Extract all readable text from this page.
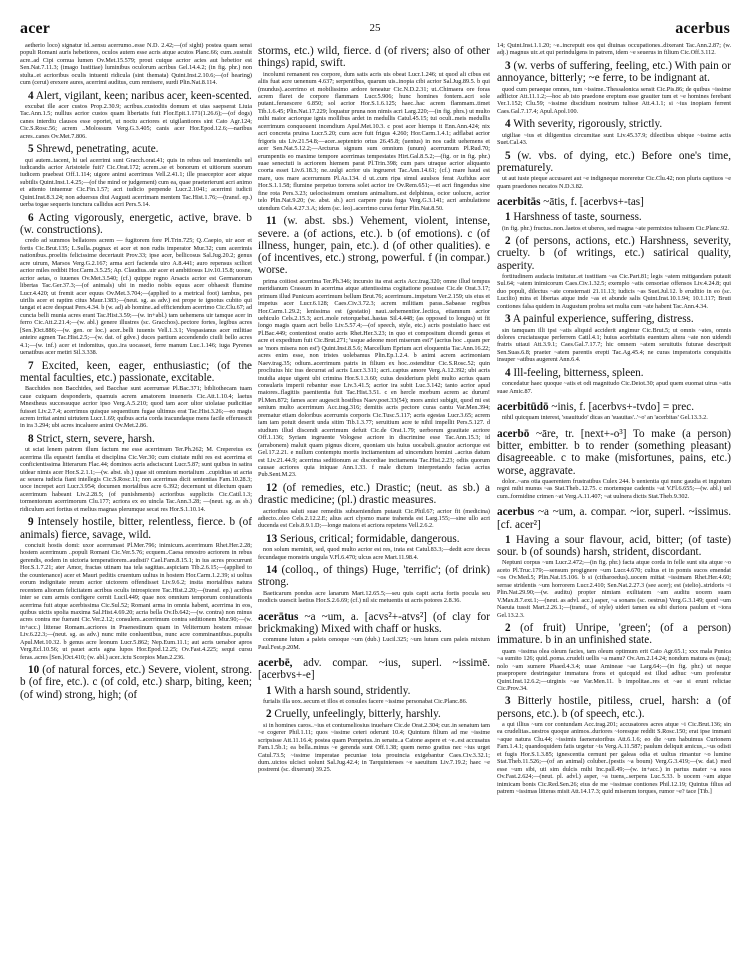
acer	25	acerbus

aetherio loco) signatur id..sensu acerrumo..esse N.D. 2.42;—(of sight) postea quam sensi populi Romani auris hebetiores, oculos autem esse acris atque acutos Planc.66; cum..sustulit acre..ad Cipi cornua lumen Ov.Met.15.579; prout cuique acrior acies aut hebetior est Sen.Nat.7.11.3; (imago Iustitiae) luminibus oculorum acribus Gel.14.4.2; (in fig. phr.) non stulta..et acrioribus oculis intuenti ridicula (sint themata) Quint.Inst.2.10.6;—(of hearing) cum (cerui) erexere aures, acerrimi auditus, cum remisere, surdi Plin.Nat.8.114.

4 Alert, vigilant, keen; naribus acer, keen-scented.

excubat ille acer custos Prop.2.30.9; acribus..custodiis domum et uias saepserat Liuia Tac.Ann.1.5; nullius acrior custos quam libertatis fuit Flor.Epit.1.171(1.26.6);—(of dogs) canes interdiu clausos esse oportet, ut noctu acriores et uigilantiores sint Cato Agr.124; Cic.S.Rosc.56; acrem ..Molossum Verg.G.3.405; canis acer Hor.Epod.12.6;—naribus acres..canes Ov.Met.7.806.

5 Shrewd, penetrating, acute.

qui autem..tacent, hi uel acerrimi sunt Gracch.orat.41; quis in rebus uel inueniendis uel iudicandis acrior Aristotele fuit? Cic.Orat.172; acrem..se et bonorum et uitiorum suorum iudicem praebeat Off.1.114; uigore animi acerrimus Vell.2.41.1; ille praeceptor acer atque subtilis Quint.Inst.1.4.25;—(of the mind or judgement) cum ea, quae praeterierunt acri animo et attento intuemur Cic.Fin.1.57; acri iudicio perpende Lucr.2.1041; acerrimi iudicii Quint.Inst.8.3.24; non aduersus diui Augusti acerrimam mentem Tac.Hist.1.76;—(transf. ep.) uerba togae sequeris iunctura callidus acri Pers.5.14.

6 Acting vigorously, energetic, active, brave. b (w. constructions).

credo ad summos bellatores acrem — fugitorem fore Pl.Trin.725; Q..Caepio, uir acer et fortis Cic.Brut.135; L.Sulla..pugnax et acer et non rudis imperator Mur.32; cum acerrimis nationibus..proeliis felicissime decertauit Prov.33; ipse acer, bellicosus Sal.Jug.20.2; genus acre uirum, Marsos Verg.G.2.167; arma acri facienda uiro A.8.441; auro repensus scilicet acrior miles redibit Hor.Carm.3.5.25; Ap. Claudius..uir acer et ambitiosus Liv.10.15.8; uosne, acrior aetas, o iuuenes Ov.Met.3.540; (cf.) quippe regno Arsacis acrior est Germanorum libertas Tac.Ger.37.3;—(of animals) ubi in medio nobis equus acer obhaesit flumine Lucr.4.420; ut fremit acer equus Ov.Met.3.704;—(applied to a metrical foot) iambus, pes uirilis acer et raptim citus Maur.1383;—(neut. sg. as adv.) est prope te ignotus cubito qui tangat et acre despuat Pers.4.34. b (w. ad) ab homine..ad efficiendum acerrimo Cic.Clu.67; ad cuncta belli munia acres erant Tac.Hist.3.59;—(w. in+abl.) tam uehemens uir tamque acer in ferro Cic.Att.2.21.4;—(w. abl.) genere illustres (sc. Gracchos)..pectore fortes, legibus acres [Sen.]Oct.886;—(w. gen. or loc.) acer..belli iuuenis Vell.1.3.1; Vespasianus acer militiae anteire agmen Tac.Hist.2.5;—(w. dat. of gdve.) duces partium accendendo ciuili bello acres 4.1;—(w. inf.) acer et indomitus, quo..ira uocasset, ferre manum Luc.1.146; iuga Pyrenes uenatibus acer metiri Sil.3.338.

7 Excited, keen, eager, enthusiastic; (of the mental faculties, etc.) passionate, excitable.

Bacchides non Bacchides, sed Bacchae sunt acerrumae Pl.Bac.371; bibliothecam tuam caue cuiquam desponderis, quamuis acrem amatorem inueneris Cic.Att.1.10.4; laetus Mnestheus successuque acrior ipso Verg.A.5.210; quod tam acer ultor uiolatae pudicitiae fuisset Liv.2.7.4; acerrimus quisque sequentium fugae ultimus erat Tac.Hist.3.26;—eo magis acrem irritat animi uirtutem Lucr.1.69; quibus acria corda iracundaque mens facile efferuescit in ira 3.294; ubi acres incaluere animi Ov.Met.2.86.

8 Strict, stern, severe, harsh.

ut sciat lenem patrem illum factum me esse acerrimum Ter.Ph.262; M. Crepereius ex acerrima illa equestri familia et disciplina Cic.Ver.30; cum ciuitate mihi res est acerrima et conficientissima litterarum Flac.44; dominos acris adsciscunt Lucr.5.87; sunt quibus in satira uidear nimis acer Hor.S.2.1.1;—(w. abst. sb.) quae sit omnium mortalium ..cupiditas ut acria ac seuera iudicia fiant intellegis Cic.S.Rosc.11; non acerrimas dicit sententias Fam.10.28.3; uoce increpet acri Lucr.3.954; documen mortalibus acre 6.392; decernunt ut dilectum quam acerrimum habeant Liv.2.28.5; (of punishments) acrioribus suppliciis Cic.Catil.1.3; tormentorum acerrimorum Clu.177; acriora ex eo uincla Tac.Ann.3.28; —(neut. sg. as sb.) ridiculum acri fortius et melius magnas plerumque secat res Hor.S.1.10.14.

9 Intensely hostile, bitter, relentless, fierce. b (of animals) fierce, savage, wild.

conciuit hostis domi: uxor acerrumast Pl.Mer.796; inimicum..acerrimum Rhet.Her.2.28; hostem acerrimum ..populi Romani Cic.Ver.5.76; ecquem..Caesa renostro acriorem in rebus gerendis, eodem in uictoria temperatiorem..audisti? Cael.Fam.8.15.1; in ius acres procurrunt Hor.S.1.7.21; ater Amor, fractas utinam tua tela sagittas..aspiciam Tib.2.6.15;—(applied to the countenance) acer et Mauri peditis cruentum uultus in hostem Hor.Carm.1.2.39; si uoltus eorum indignitate rerum acrior uictorem offendisset Liv.9.6.2; insita mortalibus natura recentem aliorum felicitatem acribus oculis introspicere Tac.Hist.2.20;—(transf. ep.) acribus inter se cum armis configere cernit Lucil.449; quae nox omnium temporum coniurationis acerrima fuit atque acerbissima Cic.Sul.52; Romani arma in omnia habent, acerrima in eos, quibus uictis spolia maxima Sal.Hist.4.69.20; acria bella Ov.Ib.642;—(w. contra) non minus acres contra me fuerant Cic.Ver.2.12; consulem..acerrimum contra seditionem Mur.90;—(w. in+acc.) litterae Romam..acriores in Praenestinum quam in Veliternum hostem missae Liv.6.22.3;—(neut. sg. as adv.) nunc mite conluentibus, nunc acre comminantibus..pupulis Apul.Met.10.32. b genus acre leonum Lucr.5.862; Nep.Eum.11.1; aut acris uenabor apros Verg.Ecl.10.56; ut pauet acris agna lupos Hor.Epod.12.25; Ov.Fast.4.225; sequi cursu feras..acres [Sen.]Oct.410; (w. abl.) acer..ictu Scorpios Man.2.236.

10 (of natural forces, etc.) Severe, violent, strong. b (of fire, etc.). c (of cold, etc.) sharp, biting, keen; (of wind) strong, high; (of

storms, etc.) wild, fierce. d (of rivers; also of other things) rapid, swift.

incolumi remanent res corpore, dum satis acris uis obeat Lucr.1.246; ut quod ali cibus est aliis fuat acre uenenum 4.637; serpentibus, quarum uis..inopia cibi acrior Sal.Jug.89.5. b qui (mundus)..acerrimo et mobilissimo ardore teneatur Cic.N.D.2.31; ut..Chimaera ore foras acrem flaret de corpore flammam Lucr.5.906; hunc homines fontem..acri sole putant..feruescere 6.850; sol acrior Hor.S.1.6.125; haec..hac acrem flammam..timet Tib.1.6.45; Plin.Nat.17.229; loquatur pruna non nimis acri Larg.220;—(in fig. phrs.) ut multo mihi maior acriorque ignis mollibus ardet in medullis Catul.45.15; tui oculi..meis medullis acerrimum conquouent incendium Apul.Met.10.3. c post acer hiemps it Enn.Ann.424; nix acri concreta pruina Lucr.5.20; cum acre fuit frigus 4.260; Hor.Carm.1.4.1; adflabat acrior frigoris uis Liv.21.54.8;—acer..septentrio ortus 26.45.8; (uentus) in nos cadit uehemens et acer Sen.Nat.5.12.2;—Arcturus signum sum omnium (unum) acerrumum Pl.Rud.70; erumpentis eo maxime tempore acerrimas tempestates Hirt.Gal.8.5.2;—(fig. or in fig. phr.) suae senectuti is acriorem hiemem parat Pl.Trin.398; cum pars utraque acrior aliquanto coorta esset Liv.6.18.3; ne..uulgi acrior uis ingrueret Tac.Ann.14.61; (cf.) mare haud est mare, uos mare acerrumum Pl.As.134. d ut..cum ripa simul auulsos ferat Aufidus acer Hor.S.1.1.58; flumine perpetuo torrens solet acrior ire Ov.Rem.651;—et acri fingendus sine fine rota Pers.3.23; uelocissimum omnium animalium..est delphinus, ocior uolucre, acrior telo Plin.Nat.9.20; (w. abst. sb.) acri carpere prata fuga Verg.G.3.141; acri ambulatione utendum Cels.4.27.3.A; idem (sc. leo)..acerrimo cursu fertur Plin.Nat.8.50.

11 (w. abst. sbs.) Vehement, violent, intense, severe. a (of actions, etc.). b (of emotions). c (of illness, hunger, pain, etc.). d (of other qualities). e (of incentives, etc.) strong, powerful. f (in compar.) worse.

prima coitiost acerrima Ter.Ph.346; incursio ita erat acris Acc.trag.320; omne illud tempus meridianum Crassum in acerrima atque attentissima cogitatione posuisse Cic.de Orat.3.17; primum illud Punicum acerrimum bellum Brut.76; acerrimum..impetum Ver.2.159; uis eius et impetus acer Lucr.6.128; Caes.Civ.3.72.3; acrem militiam paras..Sabaeae regibus Hor.Carm.1.29.2; lenissima est (gestatio) naui..uehementior..lectica, etiamnum acrior uehiculo Cels.2.15.3; acri..mole retorquebat..hastas Sil.4.448; (as opposed to longus) ut fit longo magis quam acri bello Liv.5.57.4;—(of speech, style, etc.) acris postulatio haec est Pl.Bac.449; contentiost oratio acris Rhet.Her.3.23; in quo et compositum dicendi genus et acre et expeditum fuit Cic.Brut.271; 'usque adeone mori miserum est?' (acrius hoc ..quam per se 'mors misera non est') Quint.Inst.8.5.6; Marcellum Eprium acri eloquentia Tac.Ann.16.22; acres enim esse, non tristes uolebamus Plin.Ep.1.2.4. b animi acrem acrimoniam Naev.trag.35; odium..acerrimum patris in filium ex hoc..ostenditur Cic.S.Rosc.52; quin procliuius hic iras decurrat ad acris Lucr.3.311; acri..captus amore Verg.A.12.392; ubi acris inuidia atque uigent ubi crimina Hor.S.1.3.60; cuius desiderium plebi multo acrius quam consularis imperii rebantur esse Liv.3.41.5; acrior ira subit Luc.3.142; tanto acrior apud maiores..flagitiis paenitentia fuit Tac.Hist.3.51. c en hercle morbum acrem ac durum! Pl.Men.872; fames acer augescit hostibus Naev.poet.33(54); mors amici subigit, quod mi est senium multo acerrimum Acc.trag.316; demitis acris pectore curas cantu Var.Men.394; prematur etiam doloribus acerrumis corporis Cic.Tusc.5.117; acris egestas Lucr.3.65; acrem iam iam potuit deserit unda sitim Tib.1.3.77; seruitium acre te nihil impellit Pers.5.127. d studium illud discendi acerrimum defuit Cic.de Orat.1.79; uerborum grauitate acriore Off.1.136; Syriam ingruente Vologese acriore in discrimine esse Tac.Ann.15.3; id (arrabonem) maluit quam pignus dicere, quoniam uis huius uocabuli..grauior acriorque est Gel.17.2.21. e nullum contemptu mortis incitamentum ad uincendum homini ..acrius datum est Liv.21.44.9; acerrima seditionum ac discordiae incitamenta Tac.Hist.2.23; odiis quorum causae acriores quia iniquae Ann.1.33. f male dictum interpretando facias acrius Pub.Sent.M.23.

12 (of remedies, etc.) Drastic; (neut. as sb.) a drastic medicine; (pl.) drastic measures.

acrioribus saluti suae remediis subueniendum putauit Cic.Phil.67; acrior fit (medicina) adiecto..oleo Cels.2.12.2.E; alius acri clysmo mane trahenda est Larg.155;—sine ullo acri ducenda est Cels.8.9.1.D;—longe maiora et acriora repetens Vell.2.6.2.

13 Serious, critical; formidable, dangerous.

non solum meminit, sed, quod multo acrior est res, irata est Catul.83.3;—dedit acre decus fecundaque monstris ungula V.Fl.6.470; ulcus acre Mart.11.98.4.

14 (colloq., of things) Huge, 'terrific'; (of drink) strong.

Baeticarum pondus acre lanarum Mart.12.65.5;—seu quis capit acria fortis pocula seu modicis uuescit laetius Hor.S.2.6.69; (cf.) nil sic metuentis ut acris potores 2.8.36.

acerātus ~a ~um, a. [acvs²+-atvs²] (of clay for brickmaking) Mixed with chaff or husks.

commune lutum a paleis cenoque ~um (dub.) Lucil.325; ~um lutum cum paleis mixtum Paul.Fest.p.20M.

acerbē, adv. compar. ~ius, superl. ~issimē. [acerbvs+-e]

1 With a harsh sound, stridently.

furialis illa uox..secum et illos et consules facere ~issime personabat Cic.Planc.86.

2 Cruelly, unfeelingly, bitterly, harshly.

si in homines caros..~ius et contumeliosius inuehare Cic.de Orat.2.304; cur..in senatum tam ~e cogerer Phil.1.11; quos ~issime ceteri oderunt 10.4; Quintum filium ad me ~issime scripsisse Att.11.16.4; postea quam Pompeius..in senatu..a Catone aspere et ~e..est accusatus Fam.1.5b.1; ea bella..minus ~e gerenda sunt Off.1.38; quem nemo gratius nec ~ius urget Catul.73.5; ~issime imperatae pecuniae tota prouincia exigebantur Caes.Civ.3.32.1; dum..uictos ulcisci uolunt Sal.Jug.42.4; in Tarquinienses ~e saeuitum Liv.7.19.2; haec ~e postremi (sc. dixerunt) 39.25.

14; Quint.Inst.1.1.20; ~e..increpuit eos qui diuinas occupationes..dixerant Tac.Ann.2.87; (w. adj.) magnus uir..et qui perindulgens in patrem, idem ~e seuerus in filium Cic.Off.3.112.

3 (w. verbs of suffering, feeling, etc.) With pain or annoyance, bitterly; ~e ferre, to be indignant at.

quod cum peraeque omnes, tum ~issime..Thessalonica sensit Cic.Pis.86; de quibus ~issime adflictor Att.11.1.2;—hoc ab isto praedone ereptum esse grauiter tum et ~e homines ferebant Ver.1.152; Clu.59; ~issime discidium nostrum tulisse Att.4.1.1; si ~ius inopiam ferrent Caes.Gal.7.17.4; Apul.Apol.100.

4 With severity, rigorously, strictly.

uigiliae ~ius et diligentius circumitae sunt Liv.45.37.9; dilectibus ubique ~issime actis Suet.Cal.43.

5 (w. vbs. of dying, etc.) Before one's time, prematurely.

ut aut iuste pieque accusaret aut ~e indigneque moreretur Cic.Clu.42; non pluris captiuos ~e quam praedones necatos N.D.3.82.

acerbitās ~ātis, f. [acerbvs+-tas]

1 Harshness of taste, sourness.

(in fig. phr.) fructus..non..laetos et uberes, sed magna ~ate permixtos tulissem Cic.Planc.92.

2 (of persons, actions, etc.) Harshness, severity, cruelty. b (of writings, etc.) satirical quality, asperity.

fortitudinem audacia imitatur..et iustitiam ~as Cic.Part.81; legis ~atem mitigandam putauit Sul.64; ~atem inimicorum Caes.Civ.1.32.5; exemplo ~atis censoriae offensos Liv.4.24.8; qui duo populi, dilectus ~ate consternati 21.11.13; iudicis ~as Suet.Jul.12. b eruditio in eo (sc. Lucilio) mira et libertas atque inde ~as et abunde salis Quint.Inst.10.1.94; 10.1.117; Bruti contiones falsa quidem in Augustum probra set multa cum ~ate habent Tac.Ann.4.34.

3 A painful experience, suffering, distress.

sin tamquam illi ipsi ~atis aliquid acciderit angimur Cic.Brut.5; ut omnis ~ates, omnis dolores cruciatusque perferrem Catil.4.1; huius acerbitatis euentum altera ~ate non uidendi fratris uitaui Att.3.9.1; Caes.Gal.7.17.7; hic omnem ~atem seruitutis futurae descripsit Sen.Suas.6.8; praeter ~atem parentis erepti Tac.Ag.45.4; ne curas imperatoris conquisitis insuper ~atibus augerent Ann.6.4.

4 Ill-feeling, bitterness, spleen.

concedatur haec quoque ~atis et odi magnitudo Cic.Deiot.30; apud quem euomat uirus ~atis suae Amic.87.

acerbitūdō ~inis, f. [acerbvs+-tvdo] = prec.

nihil quicquam interest, 'suauitudo' dicas an 'suauitas'..'~o' an 'acerbitas' Gel.13.3.2.

acerbō ~āre, tr. [next+-o³] To make (a person) bitter, embitter. b to render (something pleasant) disagreeable. c to make (misfortunes, pains, etc.) worse, aggravate.

dolor..~ans otia quaerentem frustratibus Culex 244. b uenientia qui nunc gaudia et ingratum regni mihi munus ~as Stat.Theb..12.75. c mortemque cadentis ~at V.Fl.6.655;—(w. abl.) uel cum..formidine crimen ~at Verg.A.11.407; ~at uulnera dictis Stat.Theb.9.302.

acerbus ~a ~um, a. compar. ~ior, superl. ~issimus. [cf. acer²]

1 Having a sour flavour, acid, bitter; (of taste) sour. b (of sounds) harsh, strident, discordant.

Neptuni corpus ~um Lucr.2.472;—(in fig. phr.) facta atque corda in felle sunt sita atque ~o aceto Pl.Truc.179;—sensum progignere ~um Lucr.4.670; cultus et in pomis sucos emendat ~os Ov.Med.5; Plin.Nat.15.106. b si (citharoedus)..uocem mittat ~issimam Rhet.Her.4.60; serrae stridentis ~um horrorem Lucr.2.410; Sen.Nat.2.27.3 (see acer); est (stelio)..stridoris ~i Plin.Nat.29.90;—(w. auditu) propter nimiam exilitatem ~am auditu uocem suam V.Max.8.7.ext.1;—(neut. as advl. acc.) asper, ~a sonans (sc. oestrus) Verg.G.3.149; quod ~um Naeuia tussit Mart.2.26.1;—(transf., of style) uideri tamen ea sibi duriora paulum et ~iora Gel.13.2.3.

2 (of fruit) Unripe, 'green'; (of a person) immature. b in an unfinished state.

quam ~issima olea oleum facies, tam oleum optimum erit Cato Agr.65.1; xxx mala Punica ~a sumito 126; quid..poma..crudeli uellis ~a manu? Ov.Am.2.14.24; nondum matura es (uua); nolo ~am sumere Phaed.4.3.4; uuae Amineae ~ae Larg.64;—(in fig. phr.) ut neque praepropere destringatur immatura frons et quicquid est illud adhuc ~um proferatur Quint.Inst.12.6.2;—uirginis ~ae Var.Men.11. b impolitae..res et ~ae si erunt relictae Cic.Prov.34.

3 Bitterly hostile, pitiless, cruel, harsh: a (of persons, etc.). b (of speech, etc.).

a qui illius ~um cor contundam Acc.trag.201; accusatores acres atque ~i Cic.Brut.136; sin ea crudelitas..uestros quoque animos..duriores ~ioresque reddit S.Rosc.150; erat ipse immani ~aque natura Clu.44; ~issimis faeneratoribus Att.6.1.6; eo die ~um habuimus Curionem Fam.1.4.1; quandoquidem fatis urgetur ~is Verg.A.11.587; paulum deliquit amicus,..~us odisti et fugis Hor.S.1.3.85; ignescentia cernunt per galeas odia et uultus rimantur ~o lumine Stat.Theb.11.526;—(of an animal) coluber..(pestis ~a boum) Verg.G.3.419;—(w. dat.) med esse ~um sibi, uti sim dulcis mihi Inc.pall.49;—(w. in+acc.) in partus mater ~a suos Ov.Fast.2.624;—(neut. pl. advl.) asper, ~a tuens,..serpens Luc.5.33. b uocem ~am atque inimicam bonis Cic.Red.Sen.26; eius de me ~issimae contiones Phil.12.19; Quintus filius ad patrem ~issimas litteras misit Att.14.17.3; quid miserum torques, rumor ~e? tace [Tib.]
